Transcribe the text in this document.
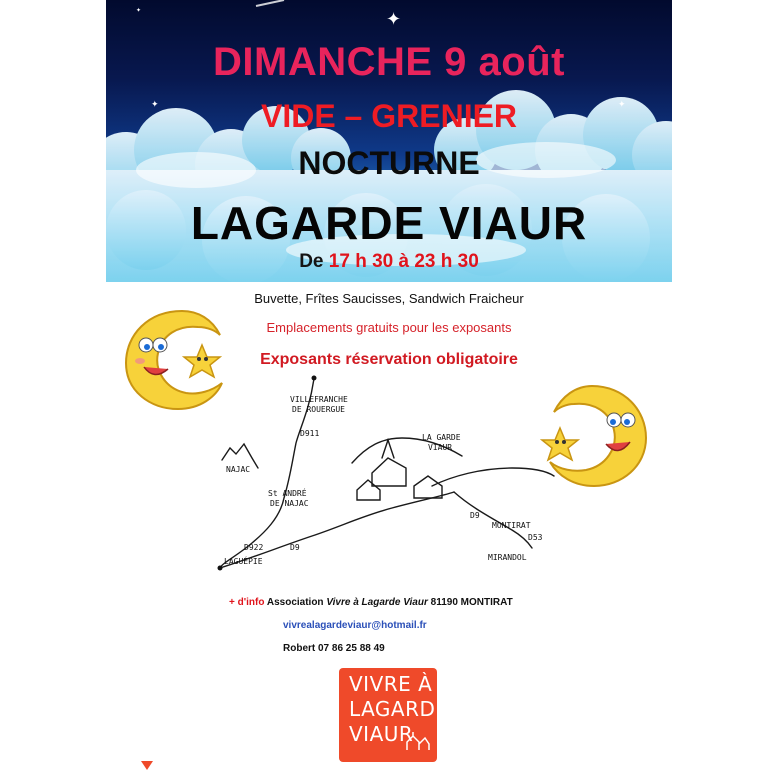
✦
✦	✦
✦
DIMANCHE 9 août
VIDE – GRENIER
NOCTURNE
LAGARDE VIAUR
De 17 h 30 à 23 h 30
Buvette, Frîtes Saucisses, Sandwich Fraicheur
Emplacements gratuits pour les exposants
Exposants réservation obligatoire
VILLEFRANCHE
DE ROUERGUE
D911
NAJAC
St ANDRÉ
DE NAJAC
LA GARDE
VIAUR
MONTIRAT
MIRANDOL
D9
D9
D922
D53
LAGUÉPIE
+ d'info Association Vivre à Lagarde Viaur 81190 MONTIRAT
vivrealagardeviaur@hotmail.fr
Robert 07 86 25 88 49
VIVRE À
LAGARDE
VIAUR
